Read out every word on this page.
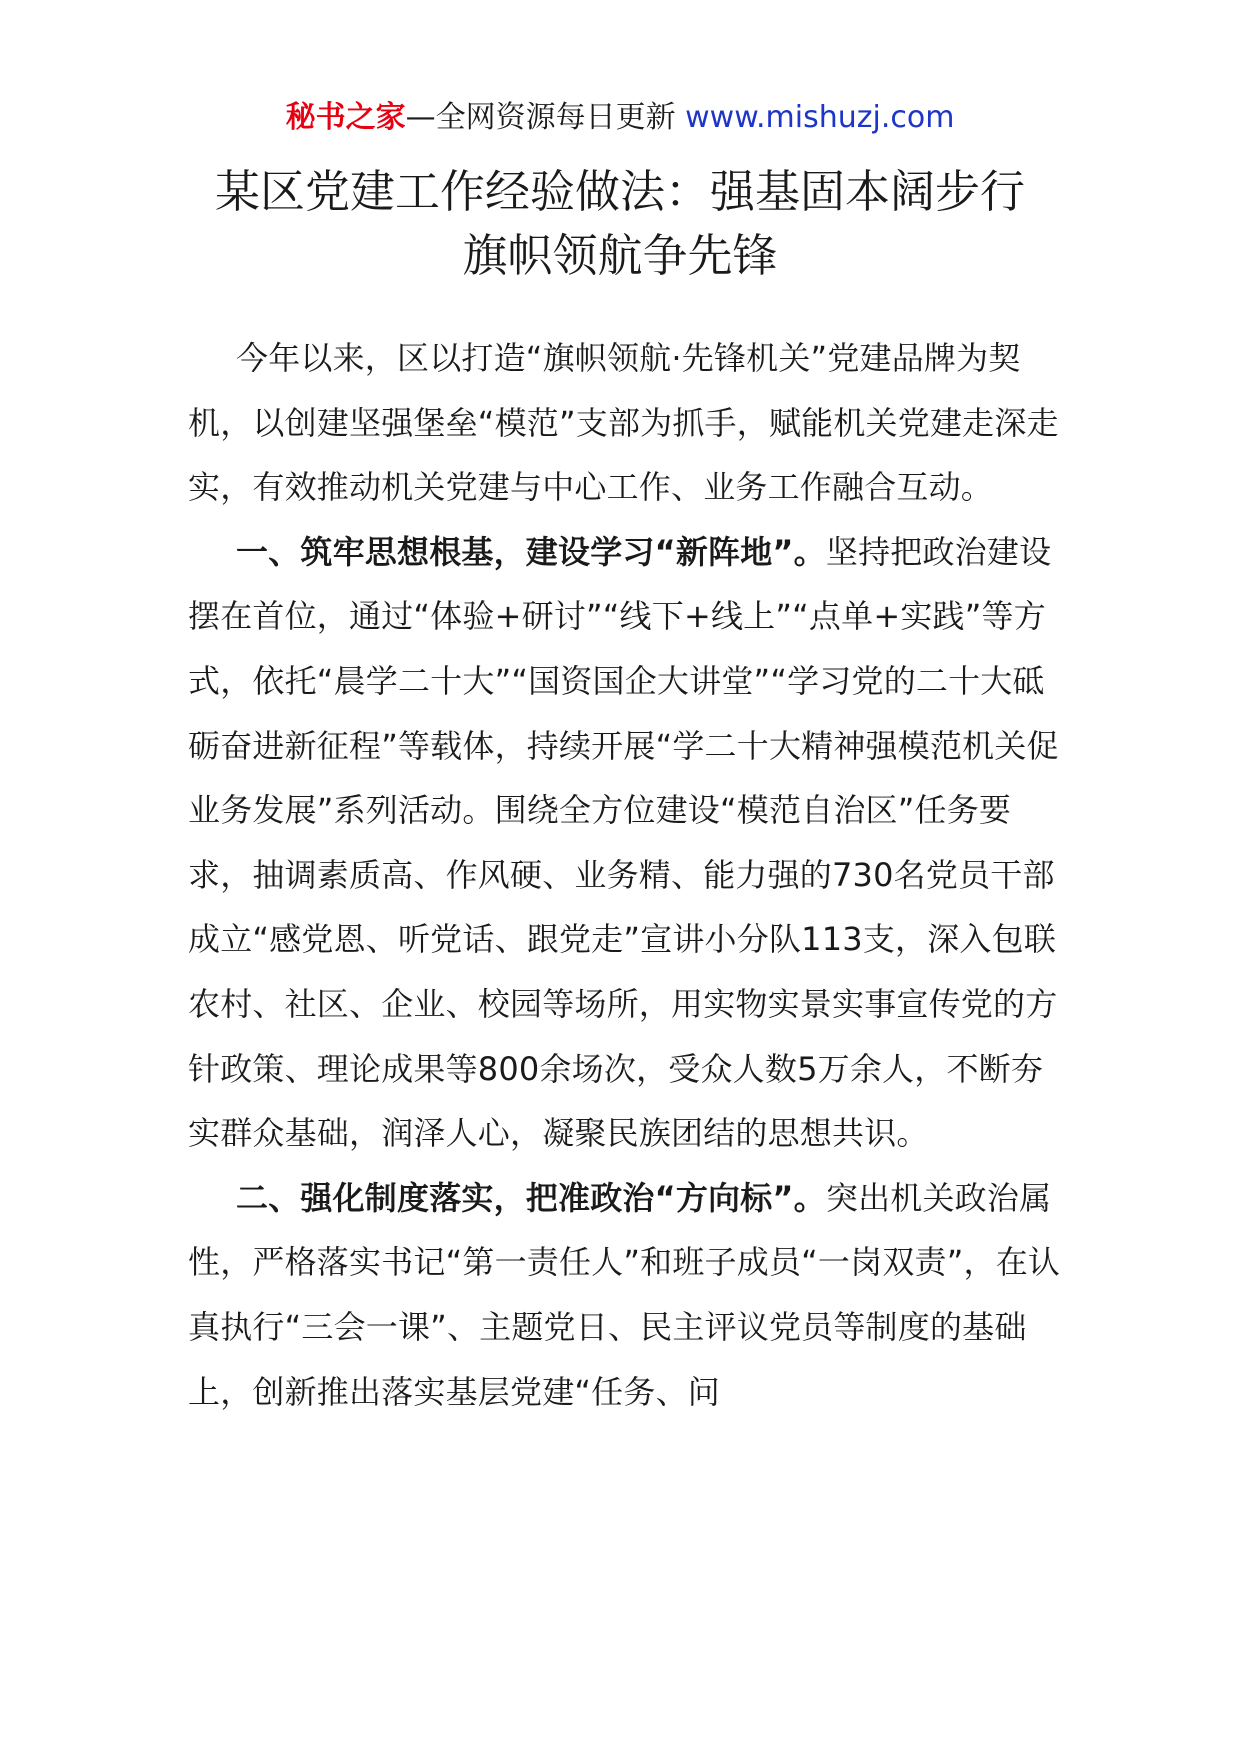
秘书之家—全网资源每日更新 www.mishuzj.com
某区党建工作经验做法：强基固本阔步行
旗帜领航争先锋

今年以来，区以打造“旗帜领航·先锋机关”党建品牌为契机，以创建坚强堡垒“模范”支部为抓手，赋能机关党建走深走实，有效推动机关党建与中心工作、业务工作融合互动。

一、筑牢思想根基，建设学习“新阵地”。坚持把政治建设摆在首位，通过“体验+研讨”“线下+线上”“点单+实践”等方式，依托“晨学二十大”“国资国企大讲堂”“学习党的二十大砥砺奋进新征程”等载体，持续开展“学二十大精神强模范机关促业务发展”系列活动。围绕全方位建设“模范自治区”任务要求，抽调素质高、作风硬、业务精、能力强的730名党员干部成立“感党恩、听党话、跟党走”宣讲小分队113支，深入包联农村、社区、企业、校园等场所，用实物实景实事宣传党的方针政策、理论成果等800余场次，受众人数5万余人，不断夯实群众基础，润泽人心，凝聚民族团结的思想共识。

二、强化制度落实，把准政治“方向标”。突出机关政治属性，严格落实书记“第一责任人”和班子成员“一岗双责”，在认真执行“三会一课”、主题党日、民主评议党员等制度的基础上，创新推出落实基层党建“任务、问
